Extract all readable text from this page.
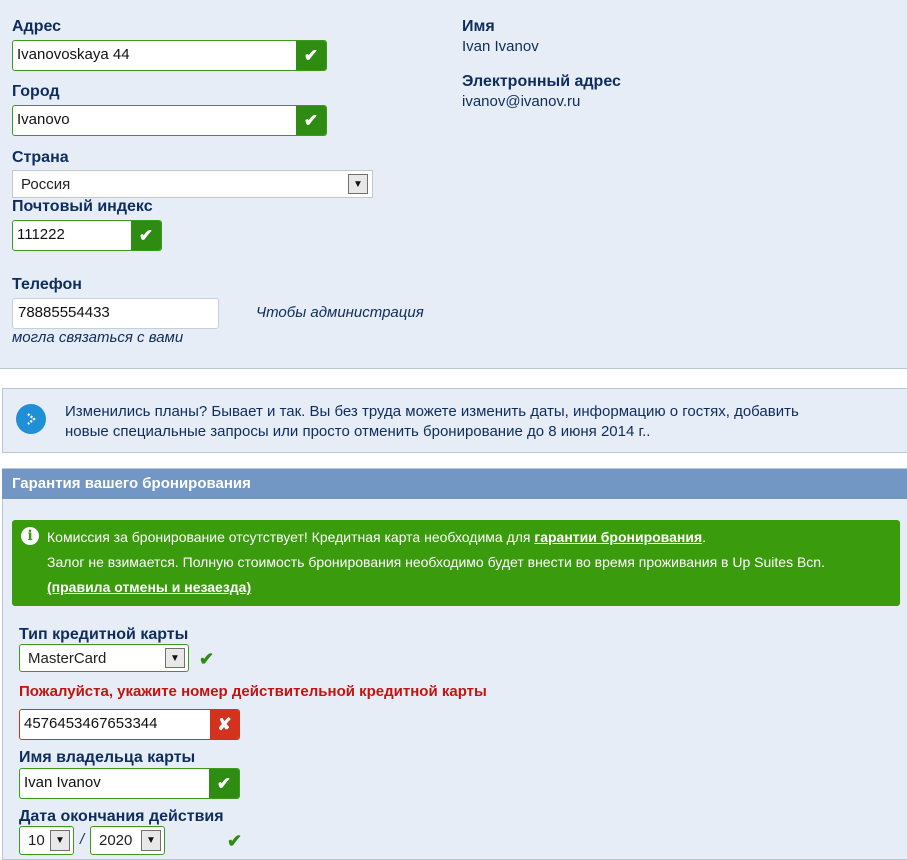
Адрес
Ivanovoskaya 44	✔
Город
Ivanovo	✔
Страна
Россия	▼
Почтовый индекс
111222	✔
Телефон
78885554433	Чтобы администрация
могла связаться с вами
Имя
Ivan Ivanov
Электронный адрес
ivanov@ivanov.ru
Изменились планы? Бывает и так. Вы без труда можете изменить даты, информацию о гостях, добавить
новые специальные запросы или просто отменить бронирование до 8 июня 2014 г..
Гарантия вашего бронирования
i	Комиссия за бронирование отсутствует! Кредитная карта необходима для гарантии бронирования.
Залог не взимается. Полную стоимость бронирования необходимо будет внести во время проживания в Up Suites Bcn.
(правила отмены и незаезда)
Тип кредитной карты
MasterCard	▼ ✔
Пожалуйста, укажите номер действительной кредитной карты
4576453467653344	✘
Имя владельца карты
Ivan Ivanov	✔
Дата окончания действия
10	▼	/ 2020	▼	✔
